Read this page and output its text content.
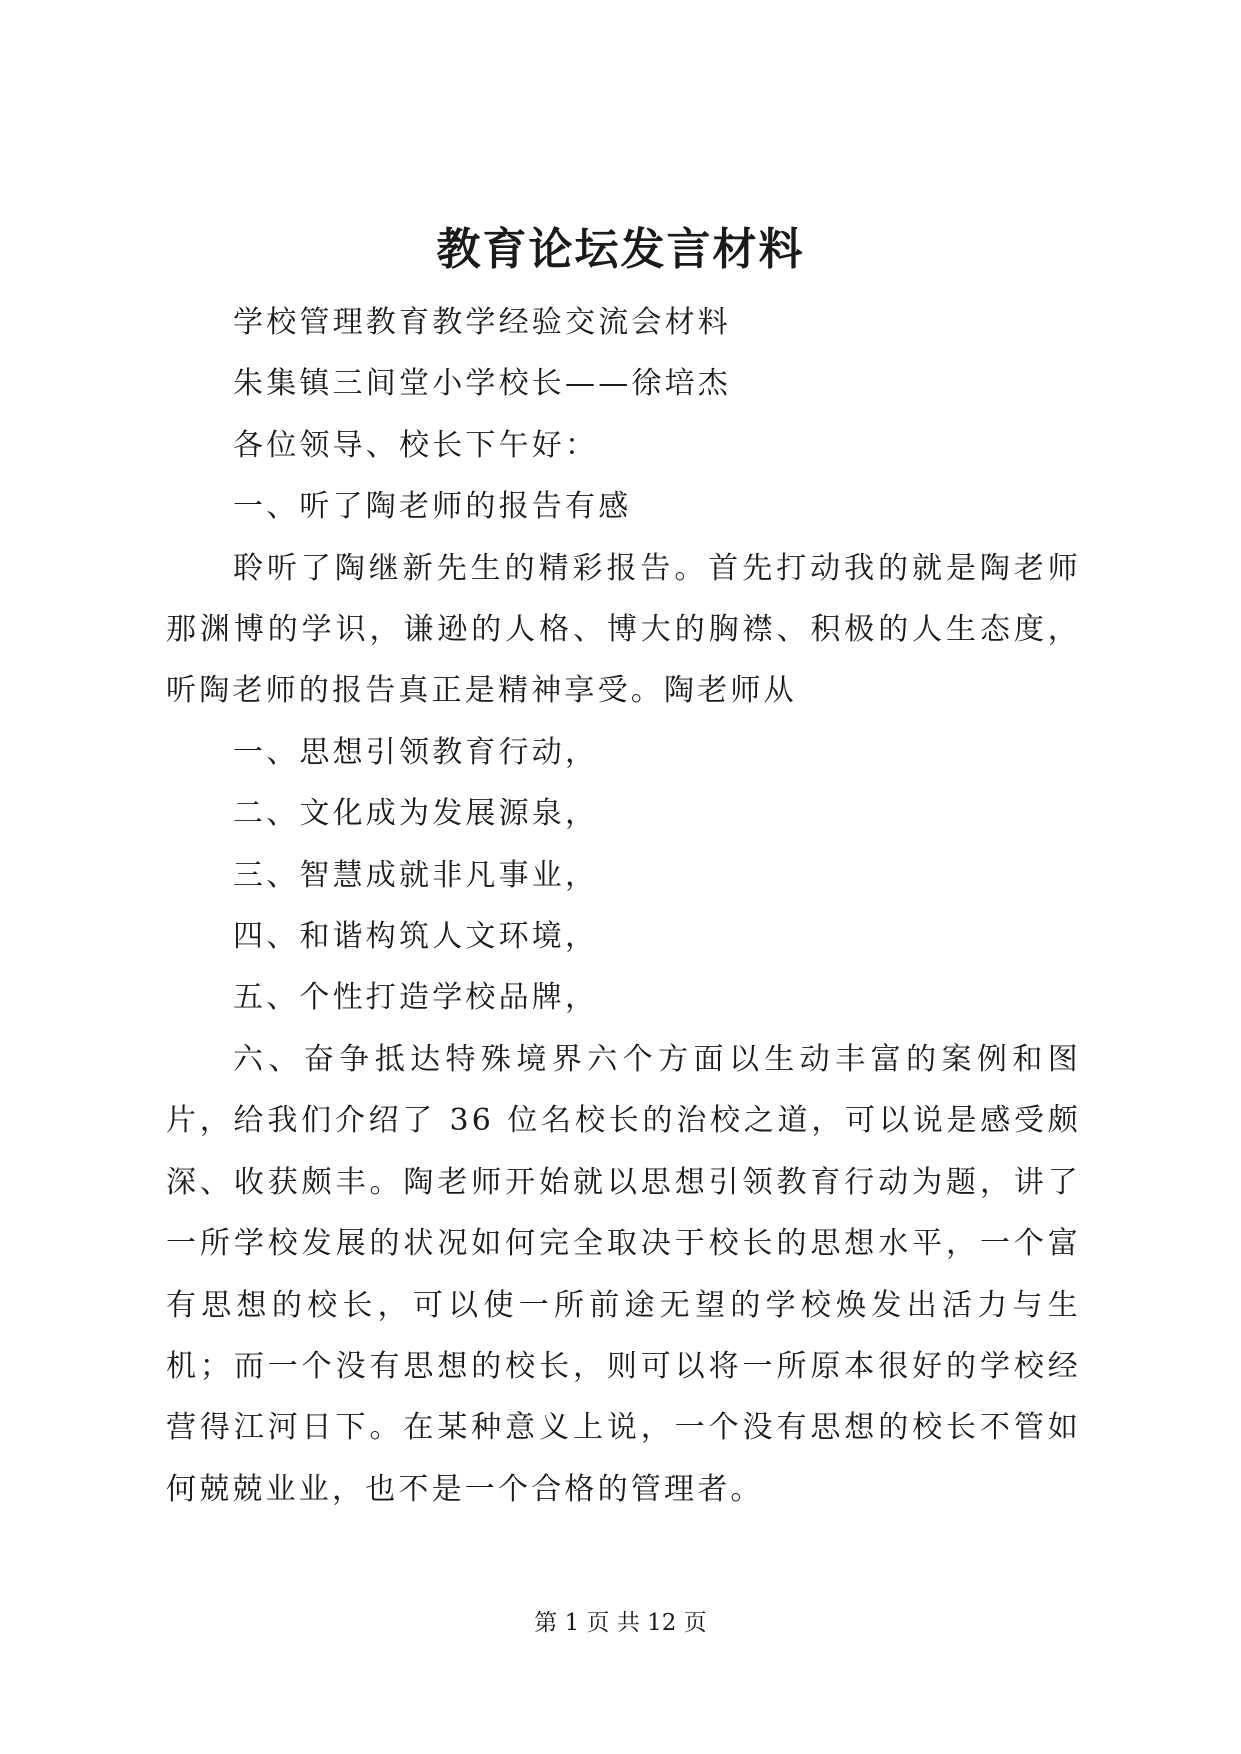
教育论坛发言材料

学校管理教育教学经验交流会材料

朱集镇三间堂小学校长——徐培杰

各位领导、校长下午好：

一、听了陶老师的报告有感

聆听了陶继新先生的精彩报告。首先打动我的就是陶老师那渊博的学识，谦逊的人格、博大的胸襟、积极的人生态度，听陶老师的报告真正是精神享受。陶老师从

一、思想引领教育行动，

二、文化成为发展源泉，

三、智慧成就非凡事业，

四、和谐构筑人文环境，

五、个性打造学校品牌，

六、奋争抵达特殊境界六个方面以生动丰富的案例和图片，给我们介绍了 36 位名校长的治校之道，可以说是感受颇深、收获颇丰。陶老师开始就以思想引领教育行动为题，讲了一所学校发展的状况如何完全取决于校长的思想水平，一个富有思想的校长，可以使一所前途无望的学校焕发出活力与生机；而一个没有思想的校长，则可以将一所原本很好的学校经营得江河日下。在某种意义上说，一个没有思想的校长不管如何兢兢业业，也不是一个合格的管理者。

第 1 页 共 12 页
